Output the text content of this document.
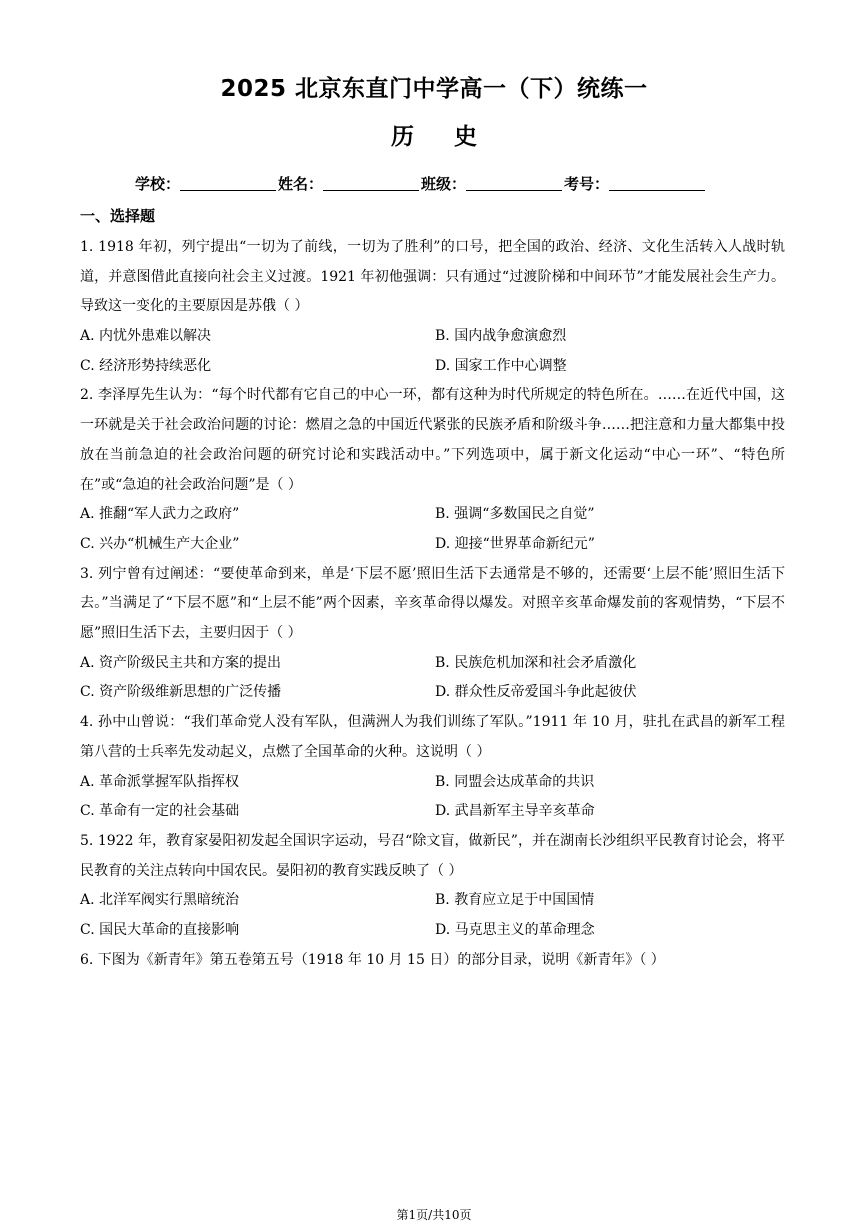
2025 北京东直门中学高一（下）统练一
历史
学校：	姓名：	班级：	考号：
一、选择题

1. 1918 年初，列宁提出“一切为了前线，一切为了胜利”的口号，把全国的政治、经济、文化生活转入人战时轨道，并意图借此直接向社会主义过渡。1921 年初他强调：只有通过“过渡阶梯和中间环节”才能发展社会生产力。导致这一变化的主要原因是苏俄（ ）

A. 内忧外患难以解决	B. 国内战争愈演愈烈
C. 经济形势持续恶化	D. 国家工作中心调整

2. 李泽厚先生认为：“每个时代都有它自己的中心一环，都有这种为时代所规定的特色所在。……在近代中国，这一环就是关于社会政治问题的讨论：燃眉之急的中国近代紧张的民族矛盾和阶级斗争……把注意和力量大都集中投放在当前急迫的社会政治问题的研究讨论和实践活动中。”下列选项中，属于新文化运动“中心一环”、“特色所在”或“急迫的社会政治问题”是（ ）

A. 推翻“军人武力之政府”	B. 强调“多数国民之自觉”
C. 兴办“机械生产大企业”	D. 迎接“世界革命新纪元”

3. 列宁曾有过阐述：“要使革命到来，单是‘下层不愿’照旧生活下去通常是不够的，还需要‘上层不能’照旧生活下去。”当满足了“下层不愿”和“上层不能”两个因素，辛亥革命得以爆发。对照辛亥革命爆发前的客观情势，“下层不愿”照旧生活下去，主要归因于（ ）

A. 资产阶级民主共和方案的提出	B. 民族危机加深和社会矛盾激化
C. 资产阶级维新思想的广泛传播	D. 群众性反帝爱国斗争此起彼伏

4. 孙中山曾说：“我们革命党人没有军队，但满洲人为我们训练了军队。”1911 年 10 月，驻扎在武昌的新军工程第八营的士兵率先发动起义，点燃了全国革命的火种。这说明（ ）

A. 革命派掌握军队指挥权	B. 同盟会达成革命的共识
C. 革命有一定的社会基础	D. 武昌新军主导辛亥革命

5. 1922 年，教育家晏阳初发起全国识字运动，号召“除文盲，做新民”，并在湖南长沙组织平民教育讨论会，将平民教育的关注点转向中国农民。晏阳初的教育实践反映了（ ）

A. 北洋军阀实行黑暗统治	B. 教育应立足于中国国情
C. 国民大革命的直接影响	D. 马克思主义的革命理念

6. 下图为《新青年》第五卷第五号（1918 年 10 月 15 日）的部分目录，说明《新青年》（ ）

第1页/共10页
